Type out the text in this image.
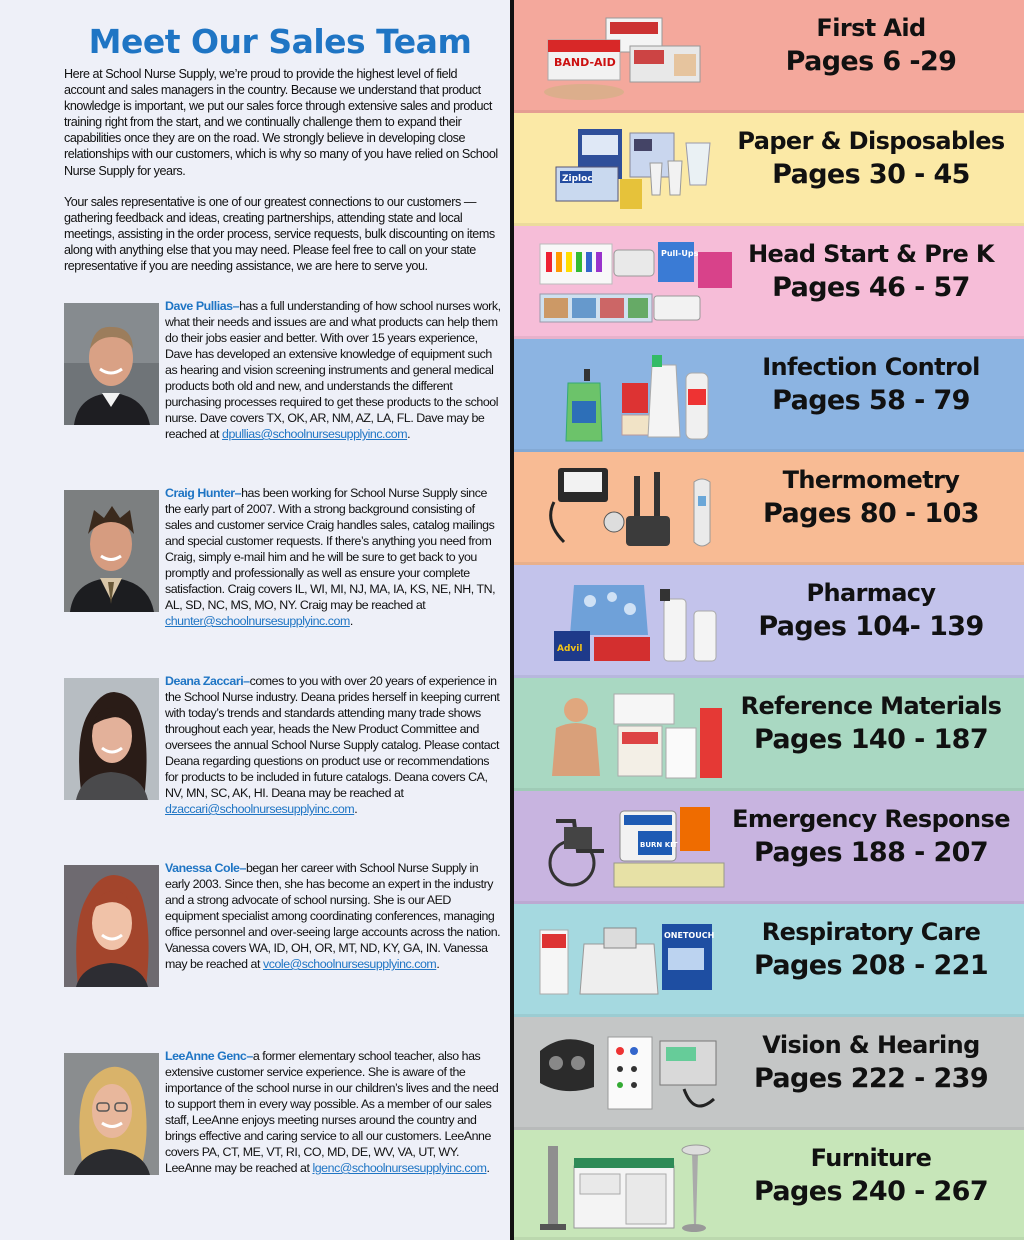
Meet Our Sales Team

Here at School Nurse Supply, we’re proud to provide the highest level of field account and sales managers in the country. Because we understand that product knowledge is important, we put our sales force through extensive sales and product training right from the start, and we continually challenge them to expand their capabilities once they are on the road. We strongly believe in developing close relationships with our customers, which is why so many of you have relied on School Nurse Supply for years.

Your sales representative is one of our greatest connections to our customers — gathering feedback and ideas, creating partnerships, attending state and local meetings, assisting in the order process, service requests, bulk discounting on items along with anything else that you may need. Please feel free to call on your state representative if you are needing assistance, we are here to serve you.

Dave Pullias–has a full understanding of how school nurses work, what their needs and issues are and what products can help them do their jobs easier and better. With over 15 years experience, Dave has developed an extensive knowledge of equipment such as hearing and vision screening instruments and general medical products both old and new, and understands the different purchasing processes required to get these products to the school nurse. Dave covers TX, OK, AR, NM, AZ, LA, FL. Dave may be reached at dpullias@schoolnursesupplyinc.com.
Craig Hunter–has been working for School Nurse Supply since the early part of 2007. With a strong background consisting of sales and customer service Craig handles sales, catalog mailings and special customer requests. If there’s anything you need from Craig, simply e-mail him and he will be sure to get back to you promptly and professionally as well as ensure your complete satisfaction. Craig covers IL, WI, MI, NJ, MA, IA, KS, NE, NH, TN, AL, SD, NC, MS, MO, NY. Craig may be reached at chunter@schoolnursesupplyinc.com.
Deana Zaccari–comes to you with over 20 years of experience in the School Nurse industry. Deana prides herself in keeping current with today’s trends and standards attending many trade shows throughout each year, heads the New Product Committee and oversees the annual School Nurse Supply catalog. Please contact Deana regarding questions on product use or recommendations for products to be included in future catalogs. Deana covers CA, NV, MN, SC, AK, HI. Deana may be reached at dzaccari@schoolnursesupplyinc.com.
Vanessa Cole–began her career with School Nurse Supply in early 2003. Since then, she has become an expert in the industry and a strong advocate of school nursing. She is our AED equipment specialist among coordinating conferences, managing office personnel and over-seeing large accounts across the nation. Vanessa covers WA, ID, OH, OR, MT, ND, KY, GA, IN. Vanessa may be reached at vcole@schoolnursesupplyinc.com.
LeeAnne Genc–a former elementary school teacher, also has extensive customer service experience. She is aware of the importance of the school nurse in our children’s lives and the need to support them in every way possible. As a member of our sales staff, LeeAnne enjoys meeting nurses around the country and brings effective and caring service to all our customers. LeeAnne covers PA, CT, ME, VT, RI, CO, MD, DE, WV, VA, UT, WY. LeeAnne may be reached at lgenc@schoolnursesupplyinc.com.
BAND-AID
First Aid
Pages 6 -29
Ziploc
Paper & Disposables
Pages 30 - 45
Pull-Ups	Head Start & Pre K
Pages 46 - 57
Infection Control
Pages 58 - 79
Thermometry
Pages 80 - 103
Advil
Pharmacy
Pages 104- 139
Reference Materials
Pages 140 - 187
BURN KIT
Emergency Response
Pages 188 - 207
ONETOUCH	Respiratory Care
Pages 208 - 221
Vision & Hearing
Pages 222 - 239
Furniture
Pages 240 - 267
